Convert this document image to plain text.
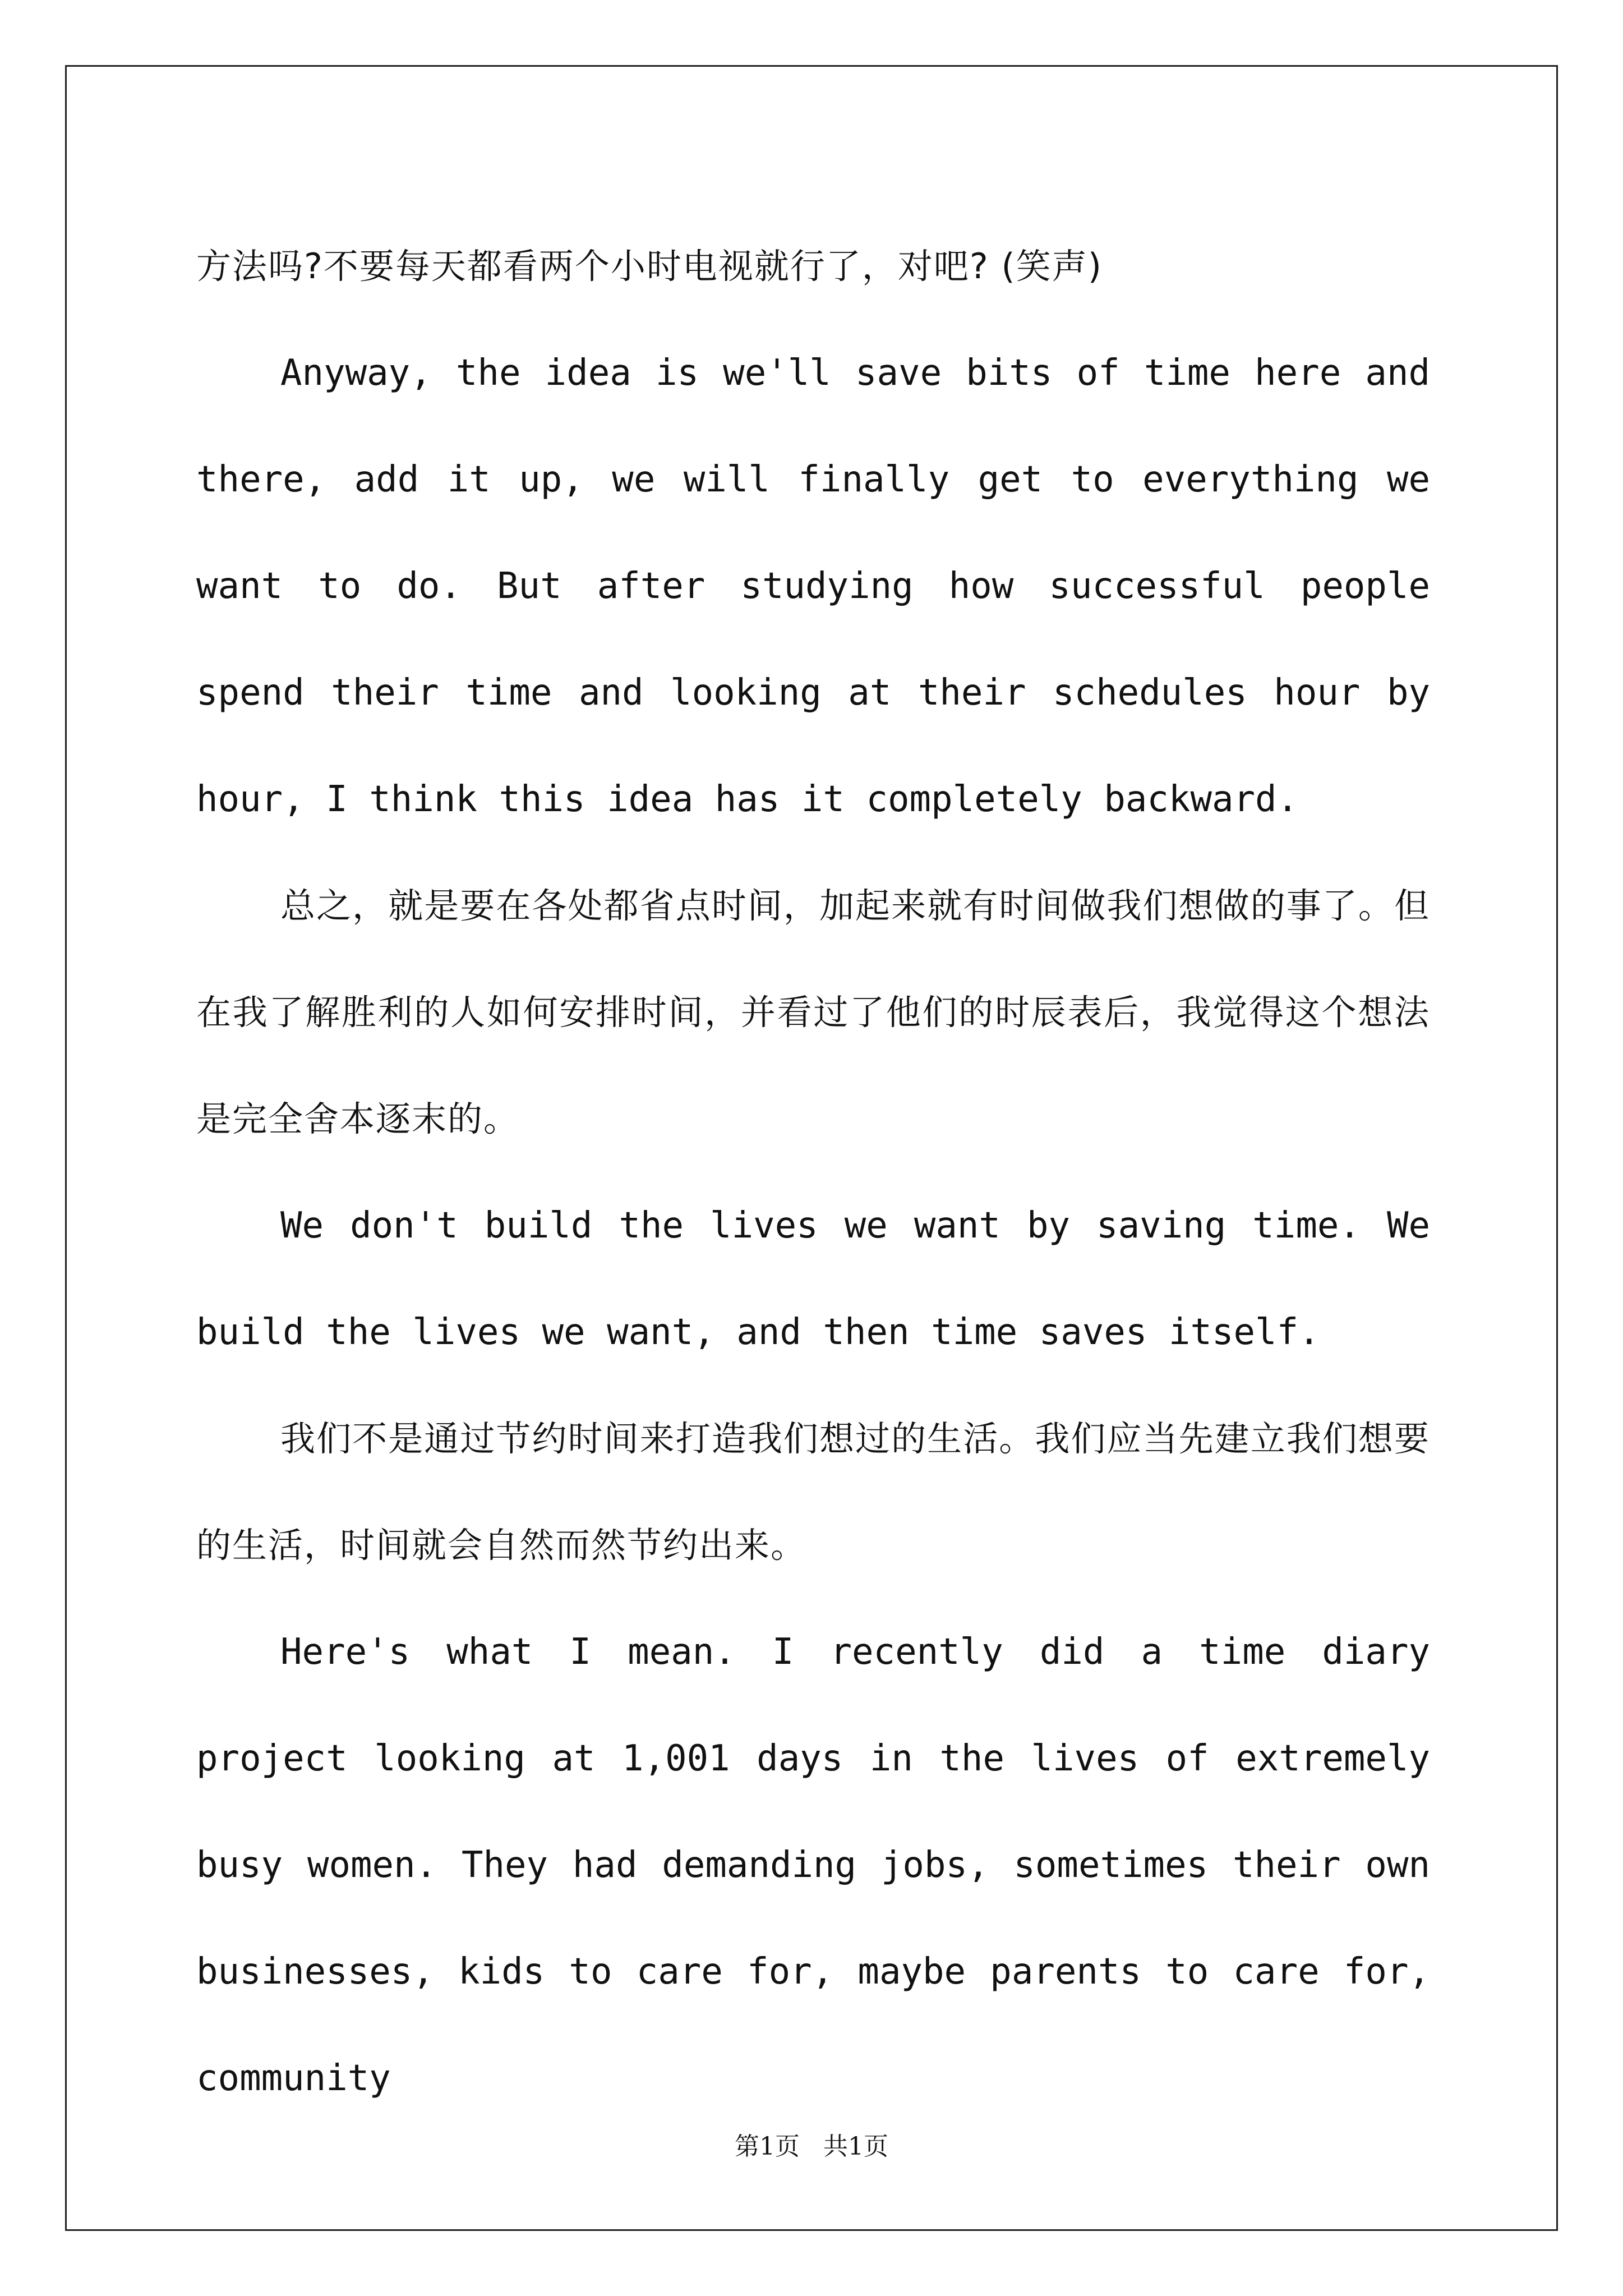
方法吗?不要每天都看两个小时电视就行了，对吧? (笑声)

Anyway, the idea is we'll save bits of time here and there, add it up, we will finally get to everything we want to do. But after studying how successful people spend their time and looking at their schedules hour by hour, I think this idea has it completely backward.

总之，就是要在各处都省点时间，加起来就有时间做我们想做的事了。但在我了解胜利的人如何安排时间，并看过了他们的时辰表后，我觉得这个想法是完全舍本逐末的。

We don't build the lives we want by saving time. We build the lives we want, and then time saves itself.

我们不是通过节约时间来打造我们想过的生活。我们应当先建立我们想要的生活，时间就会自然而然节约出来。

Here's what I mean. I recently did a time diary project looking at 1,001 days in the lives of extremely busy women. They had demanding jobs, sometimes their own businesses, kids to care for, maybe parents to care for, community

第1页 共1页
